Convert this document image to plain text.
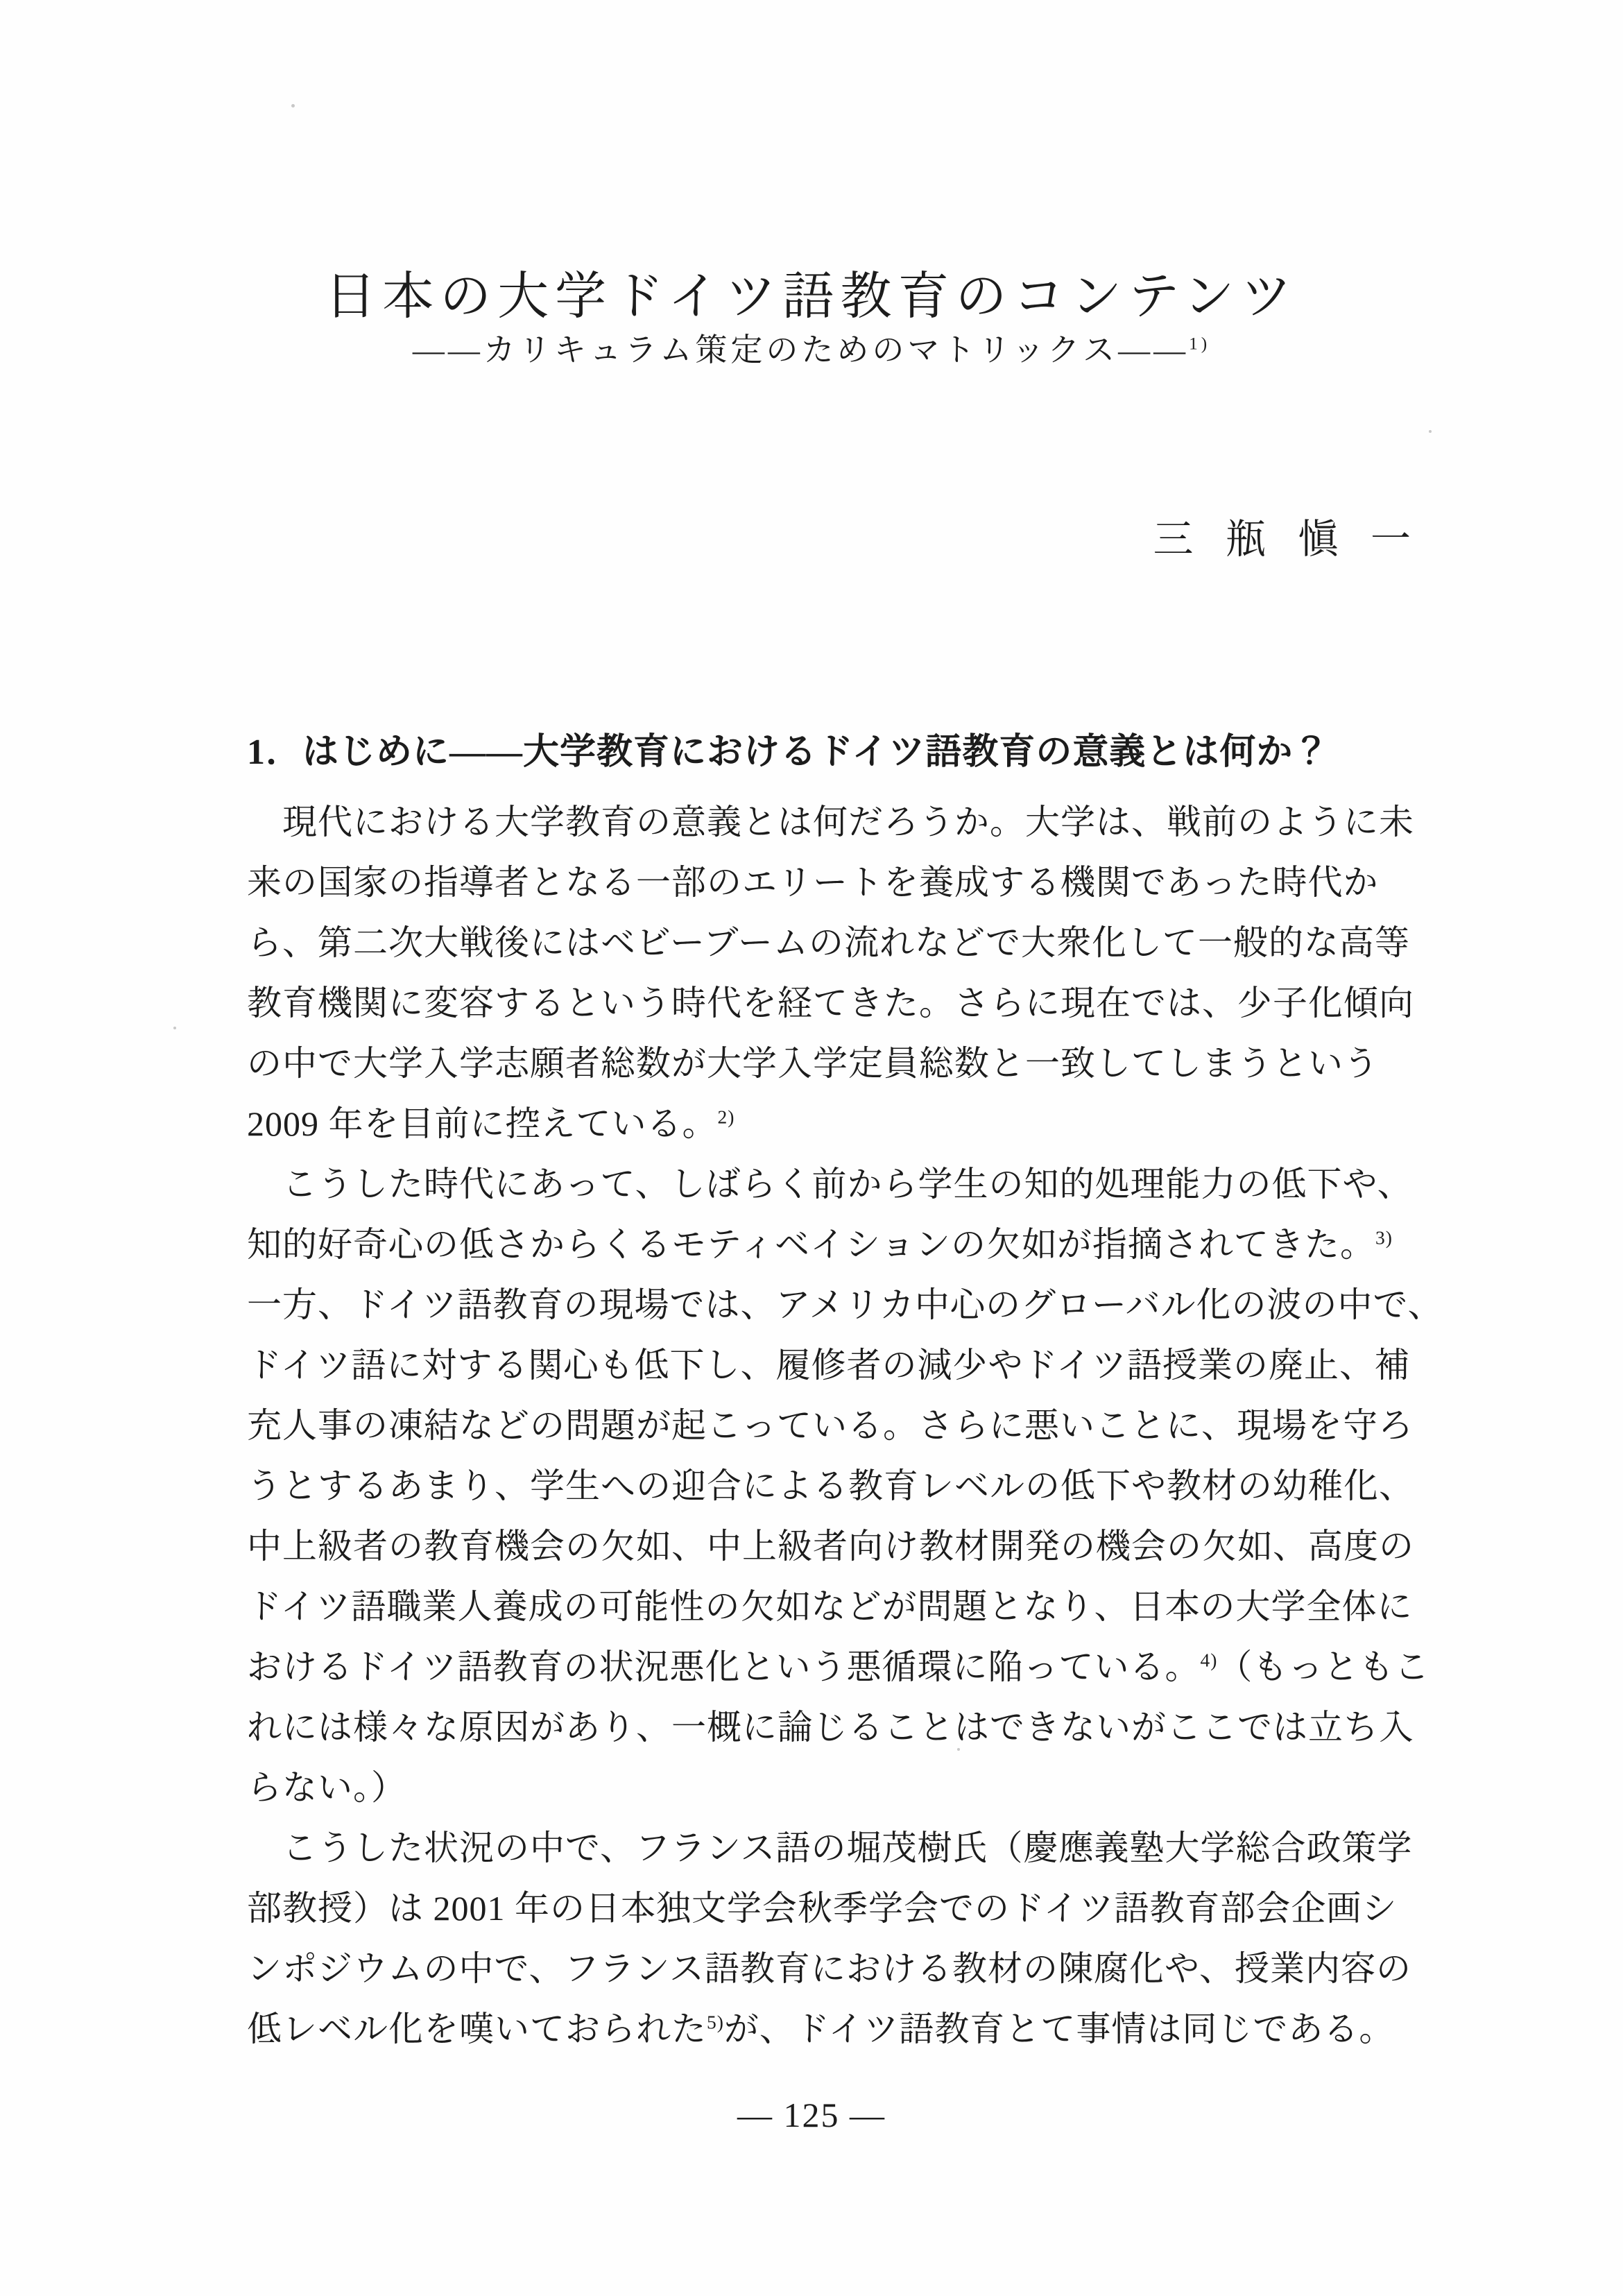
日本の大学ドイツ語教育のコンテンツ
——カリキュラム策定のためのマトリックス——$^{1)}$
三 瓶 愼 一
1．はじめに——大学教育におけるドイツ語教育の意義とは何か？

　現代における大学教育の意義とは何だろうか。大学は、戦前のように未
来の国家の指導者となる一部のエリートを養成する機関であった時代か
ら、第二次大戦後にはベビーブームの流れなどで大衆化して一般的な高等
教育機関に変容するという時代を経てきた。さらに現在では、少子化傾向
の中で大学入学志願者総数が大学入学定員総数と一致してしまうという
2009 年を目前に控えている。$^{2)}$

　こうした時代にあって、しばらく前から学生の知的処理能力の低下や、
知的好奇心の低さからくるモティベイションの欠如が指摘されてきた。$^{3)}$
一方、ドイツ語教育の現場では、アメリカ中心のグローバル化の波の中で、
ドイツ語に対する関心も低下し、履修者の減少やドイツ語授業の廃止、補
充人事の凍結などの問題が起こっている。さらに悪いことに、現場を守ろ
うとするあまり、学生への迎合による教育レベルの低下や教材の幼稚化、
中上級者の教育機会の欠如、中上級者向け教材開発の機会の欠如、高度の
ドイツ語職業人養成の可能性の欠如などが問題となり、日本の大学全体に
おけるドイツ語教育の状況悪化という悪循環に陥っている。$^{4)}$（もっともこ
れには様々な原因があり、一概に論じることはできないがここでは立ち入
らない。）

　こうした状況の中で、フランス語の堀茂樹氏（慶應義塾大学総合政策学
部教授）は 2001 年の日本独文学会秋季学会でのドイツ語教育部会企画シ
ンポジウムの中で、フランス語教育における教材の陳腐化や、授業内容の
低レベル化を嘆いておられた$^{5)}$が、ドイツ語教育とて事情は同じである。

— 125 —
